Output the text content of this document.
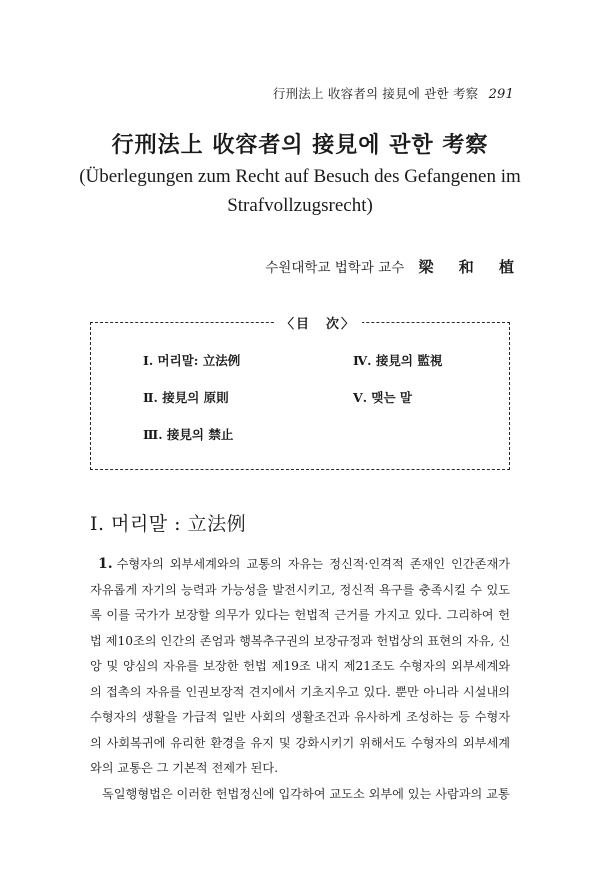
行刑法上 收容者의 接見에 관한 考察 291
行刑法上 收容者의 接見에 관한 考察
(Überlegungen zum Recht auf Besuch des Gefangenen im Strafvollzugsrecht)
수원대학교 법학과 교수 梁 和 植
〈目　次〉
Ⅰ. 머리말: 立法例
Ⅱ. 接見의 原則
Ⅲ. 接見의 禁止
Ⅳ. 接見의 監視
Ⅴ. 맺는 말
Ⅰ. 머리말 : 立法例

1. 수형자의 외부세계와의 교통의 자유는 정신적·인격적 존재인 인간존재가 자유롭게 자기의 능력과 가능성을 발전시키고, 정신적 욕구를 충족시킬 수 있도록 이를 국가가 보장할 의무가 있다는 헌법적 근거를 가지고 있다. 그리하여 헌법 제10조의 인간의 존엄과 행복추구권의 보장규정과 헌법상의 표현의 자유, 신앙 및 양심의 자유를 보장한 헌법 제19조 내지 제21조도 수형자의 외부세계와의 접촉의 자유를 인권보장적 견지에서 기초지우고 있다. 뿐만 아니라 시설내의 수형자의 생활을 가급적 일반 사회의 생활조건과 유사하게 조성하는 등 수형자의 사회복귀에 유리한 환경을 유지 및 강화시키기 위해서도 수형자의 외부세계와의 교통은 그 기본적 전제가 된다.

독일행형법은 이러한 헌법정신에 입각하여 교도소 외부에 있는 사람과의 교통
